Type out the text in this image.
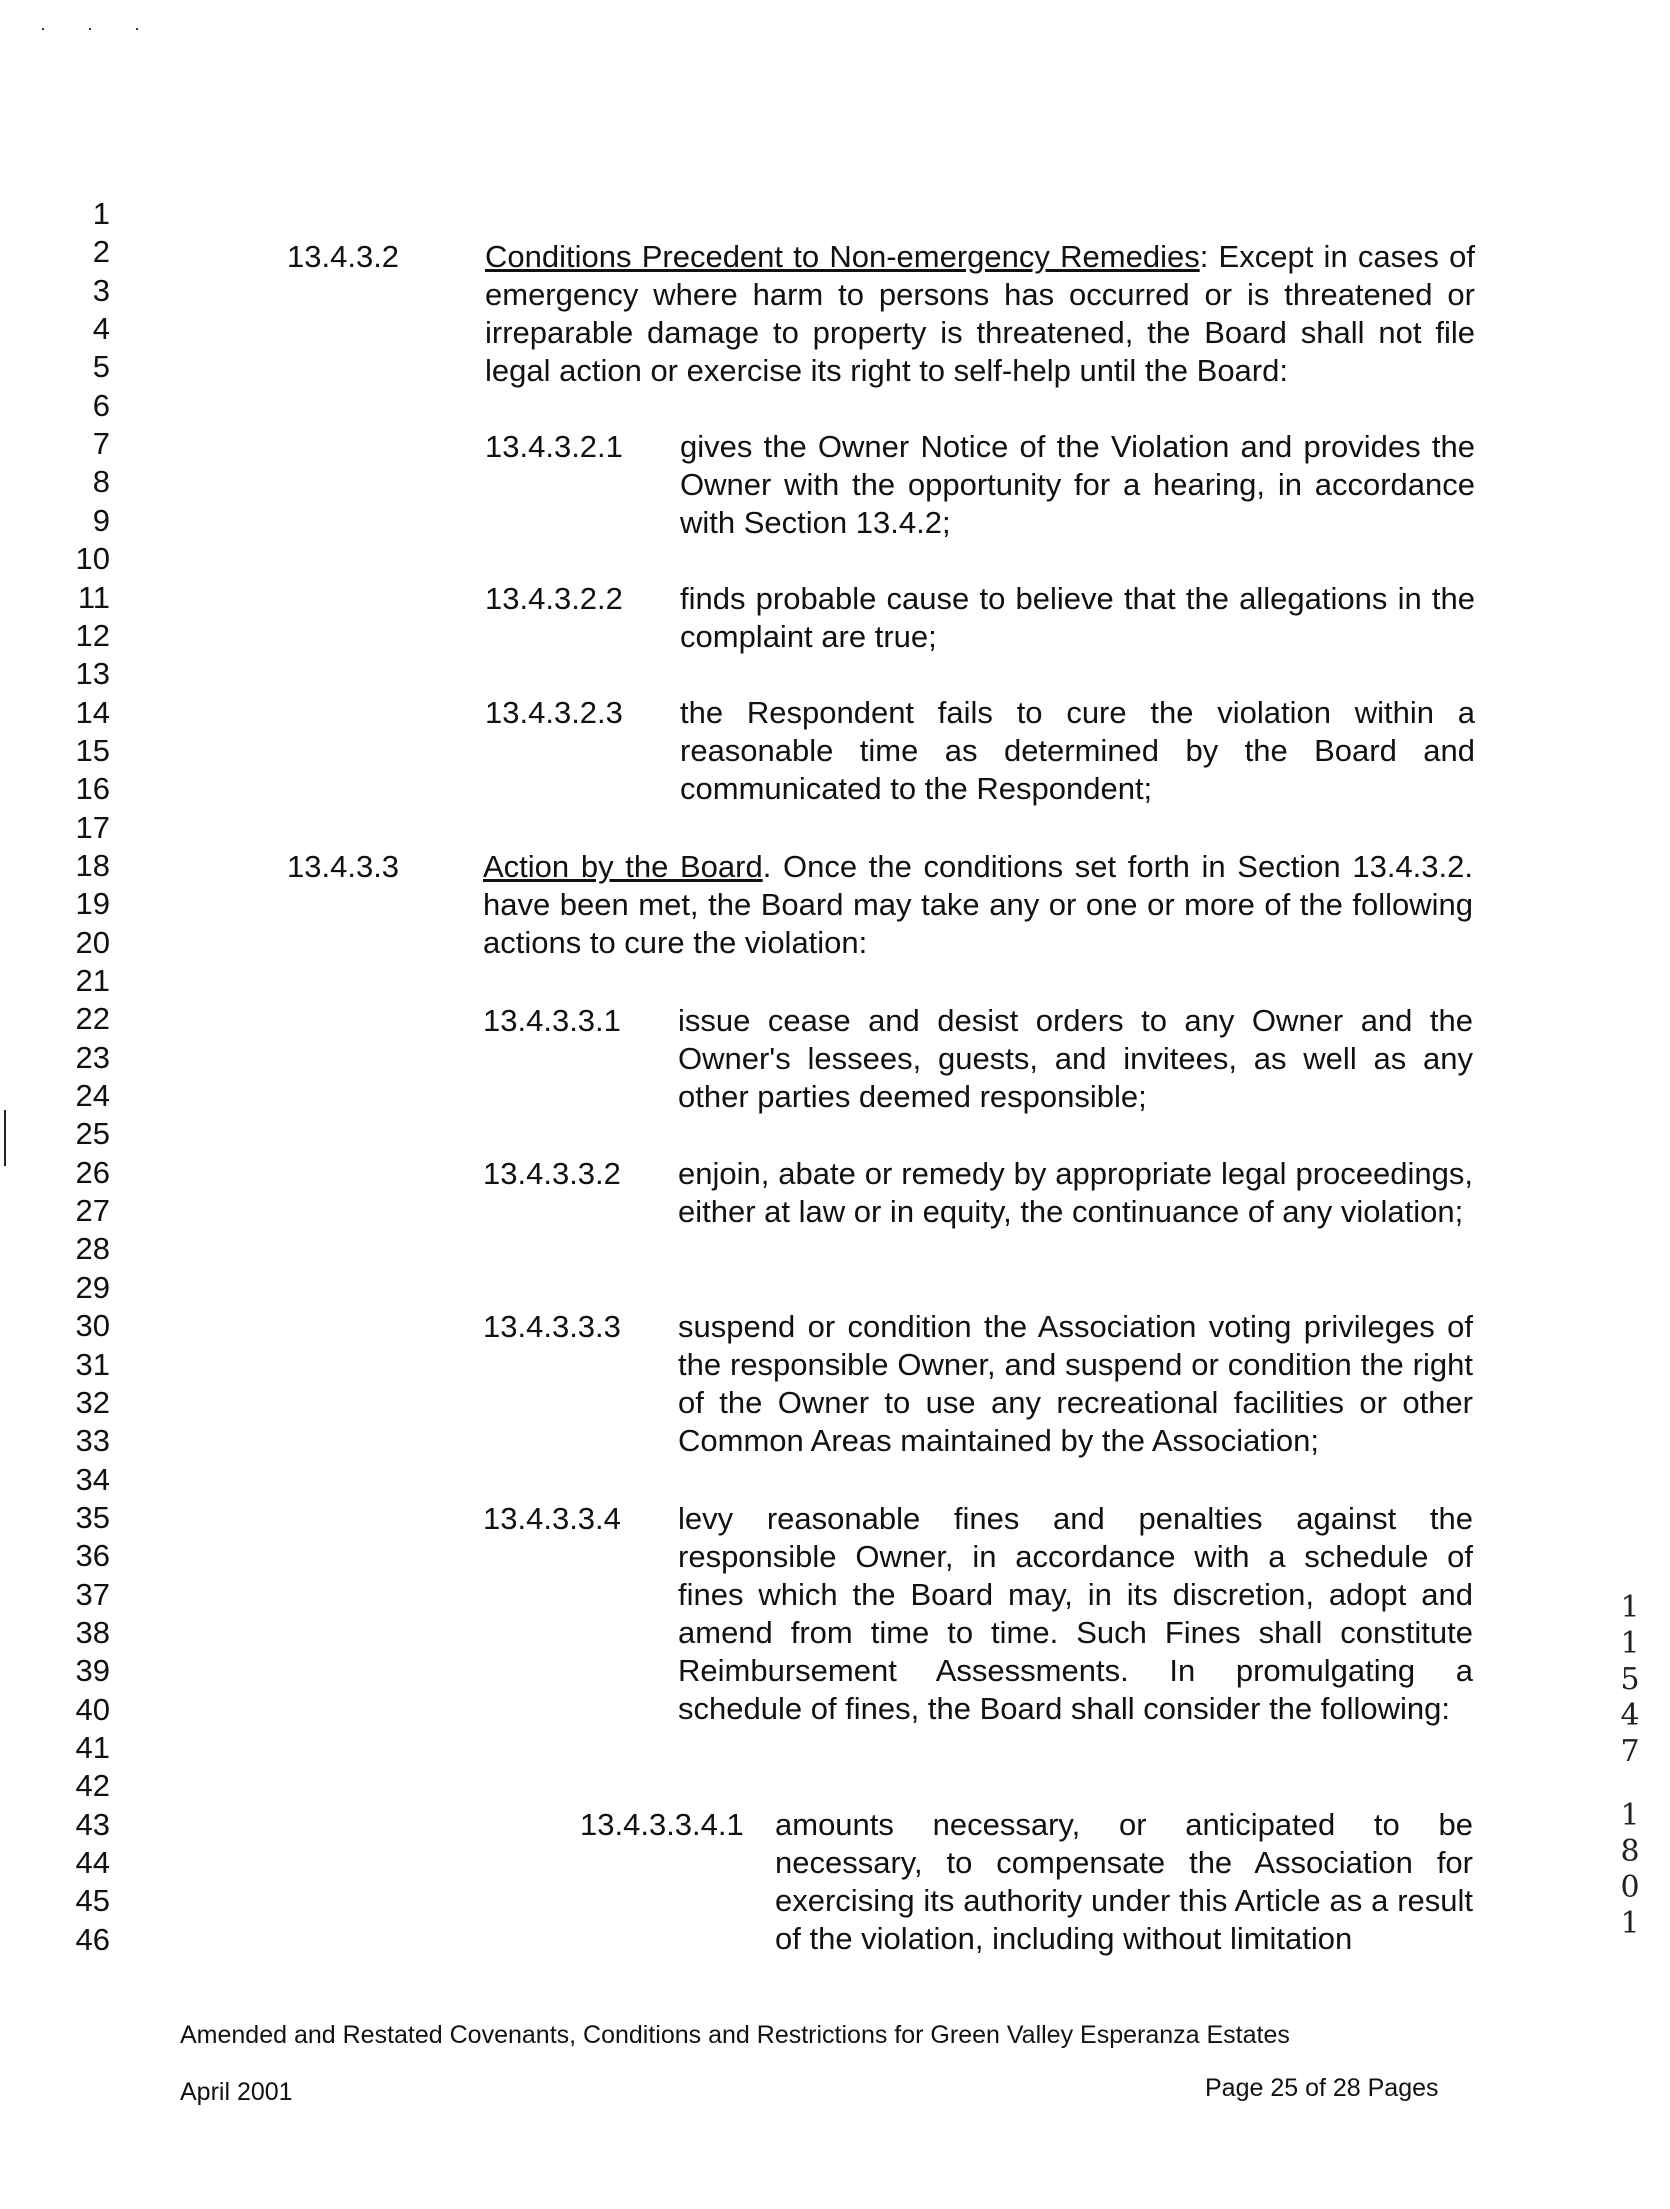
· · ·
1
2
3
4
5
6
7
8
9
10
11
12
13
14
15
16
17
18
19
20
21
22
23
24
25
26
27
28
29
30
31
32
33
34
35
36
37
38
39
40
41
42
43
44
45
46
13.4.3.2	Conditions Precedent to Non-emergency Remedies: Except in cases of emergency where harm to persons has occurred or is threatened or irreparable damage to property is threatened, the Board shall not file legal action or exercise its right to self-help until the Board:
13.4.3.2.1 gives the Owner Notice of the Violation and provides the Owner with the opportunity for a hearing, in accordance with Section 13.4.2;
13.4.3.2.2 finds probable cause to believe that the allegations in the complaint are true;
13.4.3.2.3 the Respondent fails to cure the violation within a reasonable time as determined by the Board and communicated to the Respondent;
13.4.3.3	Action by the Board. Once the conditions set forth in Section 13.4.3.2. have been met, the Board may take any or one or more of the following actions to cure the violation:
13.4.3.3.1 issue cease and desist orders to any Owner and the Owner's lessees, guests, and invitees, as well as any other parties deemed responsible;
13.4.3.3.2 enjoin, abate or remedy by appropriate legal proceedings, either at law or in equity, the continuance of any violation;
13.4.3.3.3 suspend or condition the Association voting privileges of the responsible Owner, and suspend or condition the right of the Owner to use any recreational facilities or other Common Areas maintained by the Association;
13.4.3.3.4 levy reasonable fines and penalties against the responsible Owner, in accordance with a schedule of fines which the Board may, in its discretion, adopt and amend from time to time. Such Fines shall constitute Reimbursement Assessments. In promulgating a schedule of fines, the Board shall consider the following:
13.4.3.3.4.1 amounts necessary, or anticipated to be necessary, to compensate the Association for exercising its authority under this Article as a result of the violation, including without limitation
1
1
5
4
7
1
8
0
1
Amended and Restated Covenants, Conditions and Restrictions for Green Valley Esperanza Estates
April 2001	Page 25 of 28 Pages
